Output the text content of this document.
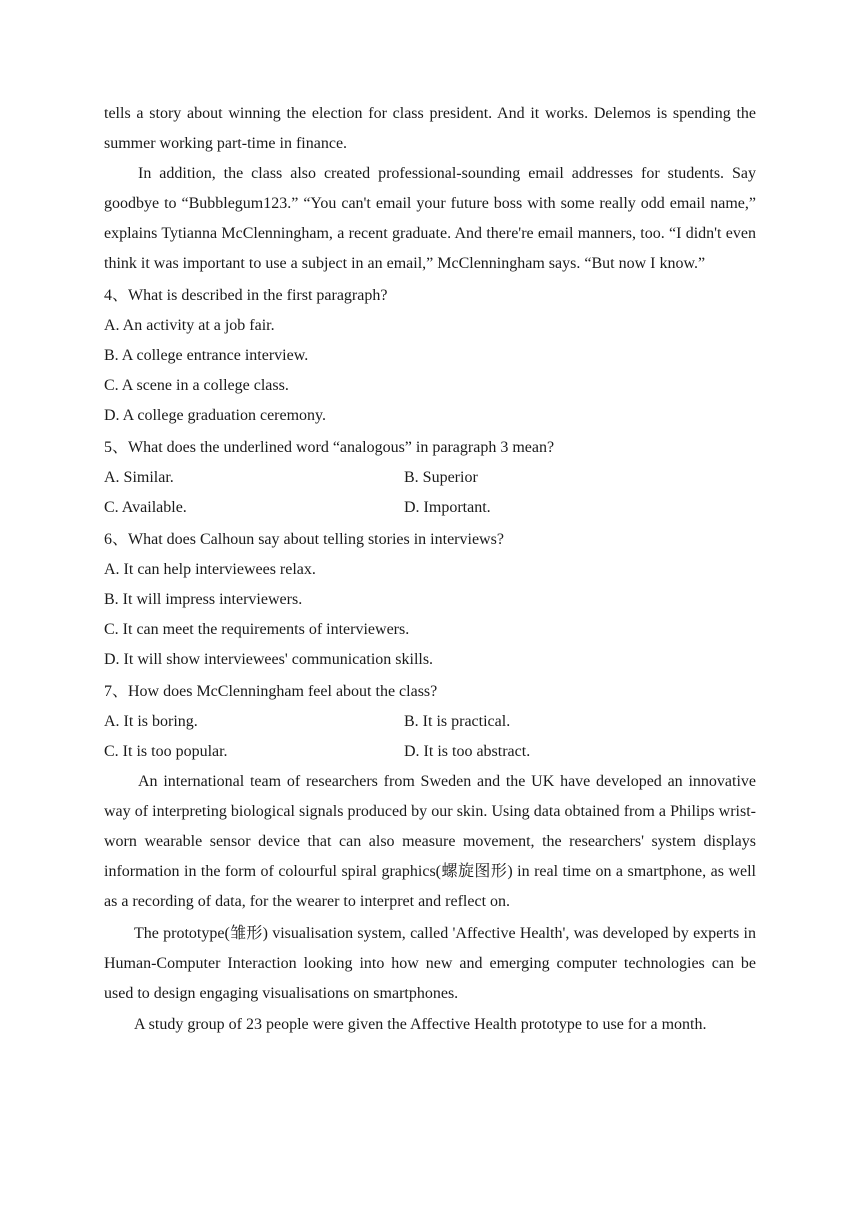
tells a story about winning the election for class president. And it works. Delemos is spending the summer working part-time in finance.

In addition, the class also created professional-sounding email addresses for students. Say goodbye to “Bubblegum123.” “You can't email your future boss with some really odd email name,” explains Tytianna McClenningham, a recent graduate. And there're email manners, too. “I didn't even think it was important to use a subject in an email,” McClenningham says. “But now I know.”

4、What is described in the first paragraph?

A. An activity at a job fair.

B. A college entrance interview.

C. A scene in a college class.

D. A college graduation ceremony.

5、What does the underlined word “analogous” in paragraph 3 mean?

A. Similar.	B. Superior
C. Available.	D. Important.

6、What does Calhoun say about telling stories in interviews?

A. It can help interviewees relax.

B. It will impress interviewers.

C. It can meet the requirements of interviewers.

D. It will show interviewees' communication skills.

7、How does McClenningham feel about the class?

A. It is boring.	B. It is practical.
C. It is too popular.	D. It is too abstract.

An international team of researchers from Sweden and the UK have developed an innovative way of interpreting biological signals produced by our skin. Using data obtained from a Philips wrist-worn wearable sensor device that can also measure movement, the researchers' system displays information in the form of colourful spiral graphics(螺旋图形) in real time on a smartphone, as well as a recording of data, for the wearer to interpret and reflect on.

The prototype(雏形) visualisation system, called 'Affective Health', was developed by experts in Human-Computer Interaction looking into how new and emerging computer technologies can be used to design engaging visualisations on smartphones.

A study group of 23 people were given the Affective Health prototype to use for a month.
